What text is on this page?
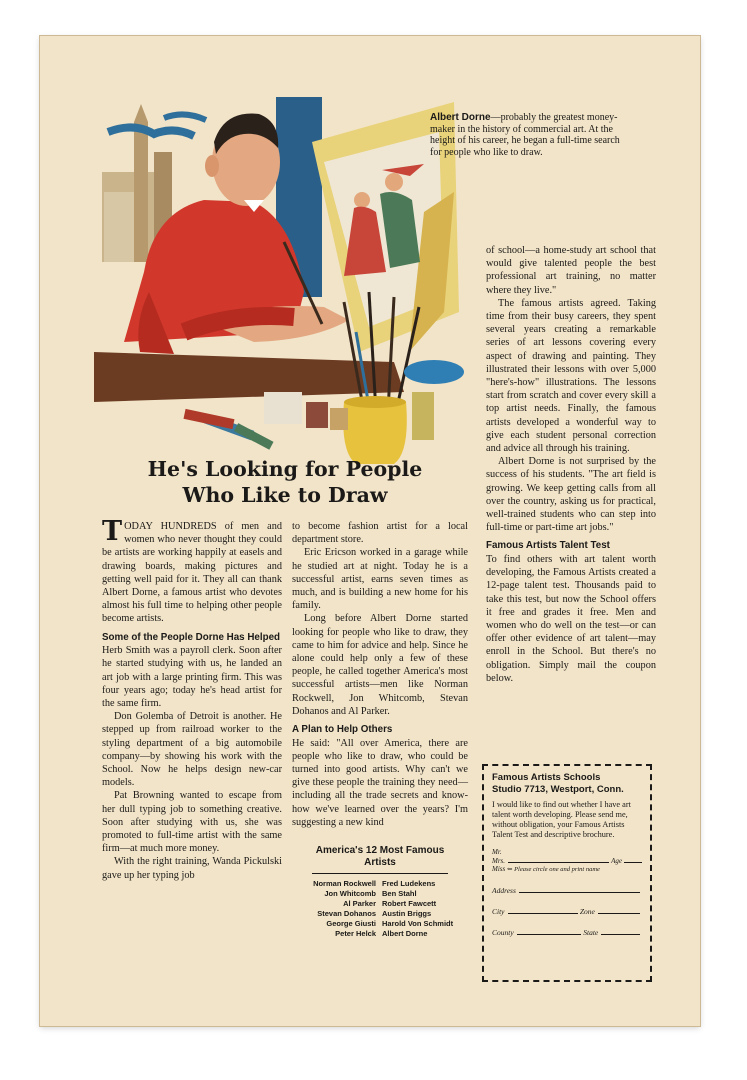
Albert Dorne—probably the greatest money-maker in the history of commercial art. At the height of his career, he began a full-time search for people who like to draw.
He's Looking for People
Who Like to Draw

TODAY HUNDREDS of men and women who never thought they could be artists are working happily at easels and drawing boards, making pictures and getting well paid for it. They all can thank Albert Dorne, a famous artist who devotes almost his full time to helping other people become artists.

Some of the People Dorne Has Helped

Herb Smith was a payroll clerk. Soon after he started studying with us, he landed an art job with a large printing firm. This was four years ago; today he's head artist for the same firm.

Don Golemba of Detroit is another. He stepped up from railroad worker to the styling department of a big automobile company—by showing his work with the School. Now he helps design new-car models.

Pat Browning wanted to escape from her dull typing job to something creative. Soon after studying with us, she was promoted to full-time artist with the same firm—at much more money.

With the right training, Wanda Pickulski gave up her typing job

to become fashion artist for a local department store.

Eric Ericson worked in a garage while he studied art at night. Today he is a successful artist, earns seven times as much, and is building a new home for his family.

Long before Albert Dorne started looking for people who like to draw, they came to him for advice and help. Since he alone could help only a few of these people, he called together America's most successful artists—men like Norman Rockwell, Jon Whitcomb, Stevan Dohanos and Al Parker.

A Plan to Help Others

He said: "All over America, there are people who like to draw, who could be turned into good artists. Why can't we give these people the training they need—including all the trade secrets and know-how we've learned over the years? I'm suggesting a new kind

America's 12 Most Famous Artists
Norman Rockwell Fred Ludekens
Jon Whitcomb Ben Stahl
Al Parker Robert Fawcett
Stevan Dohanos Austin Briggs
George Giusti Harold Von Schmidt
Peter Helck Albert Dorne

of school—a home-study art school that would give talented people the best professional art training, no matter where they live."

The famous artists agreed. Taking time from their busy careers, they spent several years creating a remarkable series of art lessons covering every aspect of drawing and painting. They illustrated their lessons with over 5,000 "here's-how" illustrations. The lessons start from scratch and cover every skill a top artist needs. Finally, the famous artists developed a wonderful way to give each student personal correction and advice all through his training.

Albert Dorne is not surprised by the success of his students. "The art field is growing. We keep getting calls from all over the country, asking us for practical, well-trained students who can step into full-time or part-time art jobs."

Famous Artists Talent Test

To find others with art talent worth developing, the Famous Artists created a 12-page talent test. Thousands paid to take this test, but now the School offers it free and grades it free. Men and women who do well on the test—or can offer other evidence of art talent—may enroll in the School. But there's no obligation. Simply mail the coupon below.

Famous Artists Schools
Studio 7713, Westport, Conn.
I would like to find out whether I have art talent worth developing. Please send me, without obligation, your Famous Artists Talent Test and descriptive brochure.
Mr.
Mrs.	Age
Miss ⇐ Please circle one and print name
Address
City	Zone
County	State
